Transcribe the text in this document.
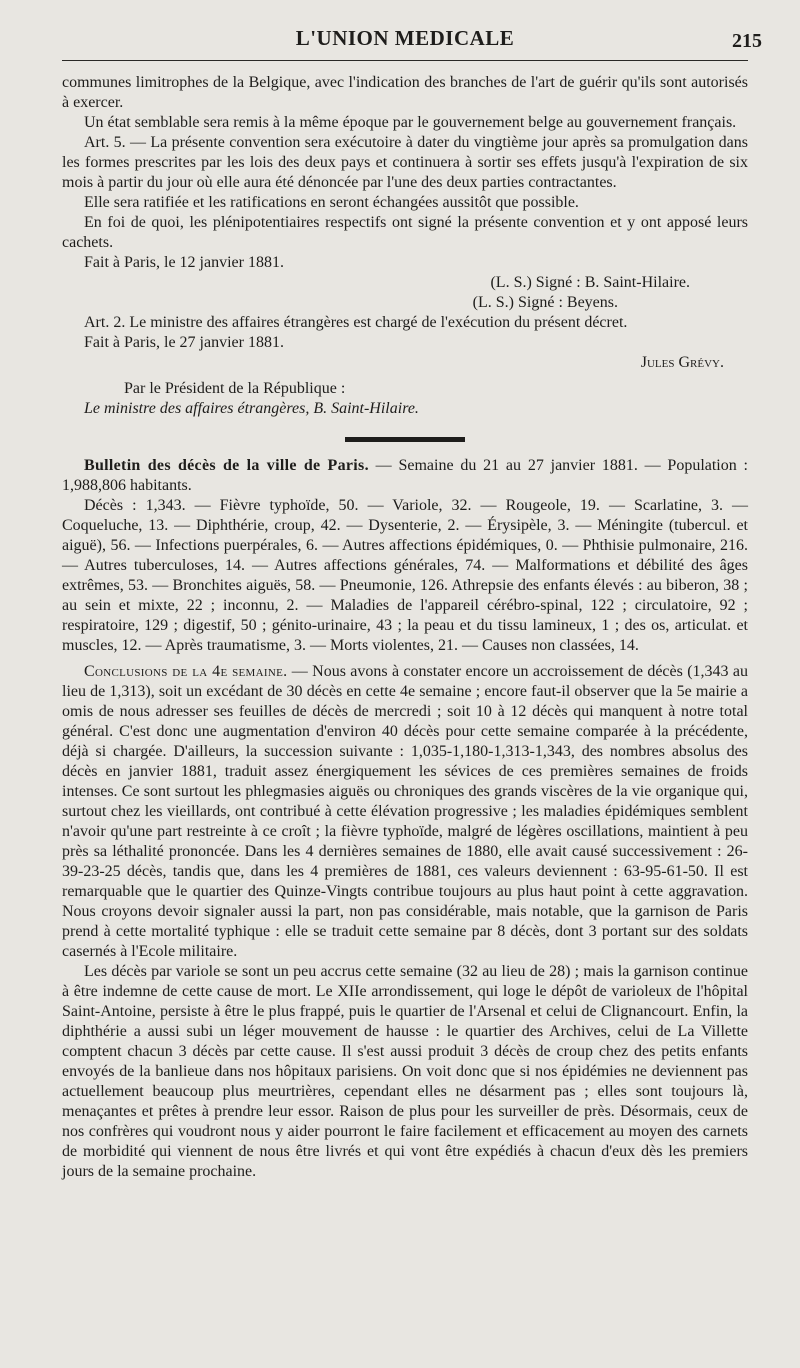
L'UNION MEDICALE	215

communes limitrophes de la Belgique, avec l'indication des branches de l'art de guérir qu'ils sont autorisés à exercer.

Un état semblable sera remis à la même époque par le gouvernement belge au gouvernement français.

Art. 5. — La présente convention sera exécutoire à dater du vingtième jour après sa promulgation dans les formes prescrites par les lois des deux pays et continuera à sortir ses effets jusqu'à l'expiration de six mois à partir du jour où elle aura été dénoncée par l'une des deux parties contractantes.

Elle sera ratifiée et les ratifications en seront échangées aussitôt que possible.

En foi de quoi, les plénipotentiaires respectifs ont signé la présente convention et y ont apposé leurs cachets.

Fait à Paris, le 12 janvier 1881.

(L. S.) Signé : B. Saint-Hilaire.
(L. S.) Signé : Beyens.

Art. 2. Le ministre des affaires étrangères est chargé de l'exécution du présent décret.

Fait à Paris, le 27 janvier 1881.

Jules Grévy.

Par le Président de la République :

Le ministre des affaires étrangères, B. Saint-Hilaire.

Bulletin des décès de la ville de Paris. — Semaine du 21 au 27 janvier 1881. — Population : 1,988,806 habitants.

Décès : 1,343. — Fièvre typhoïde, 50. — Variole, 32. — Rougeole, 19. — Scarlatine, 3. — Coqueluche, 13. — Diphthérie, croup, 42. — Dysenterie, 2. — Érysipèle, 3. — Méningite (tubercul. et aiguë), 56. — Infections puerpérales, 6. — Autres affections épidémiques, 0. — Phthisie pulmonaire, 216. — Autres tuberculoses, 14. — Autres affections générales, 74. — Malformations et débilité des âges extrêmes, 53. — Bronchites aiguës, 58. — Pneumonie, 126. Athrepsie des enfants élevés : au biberon, 38 ; au sein et mixte, 22 ; inconnu, 2. — Maladies de l'appareil cérébro-spinal, 122 ; circulatoire, 92 ; respiratoire, 129 ; digestif, 50 ; génito-urinaire, 43 ; la peau et du tissu lamineux, 1 ; des os, articulat. et muscles, 12. — Après traumatisme, 3. — Morts violentes, 21. — Causes non classées, 14.

Conclusions de la 4e semaine. — Nous avons à constater encore un accroissement de décès (1,343 au lieu de 1,313), soit un excédant de 30 décès en cette 4e semaine ; encore faut-il observer que la 5e mairie a omis de nous adresser ses feuilles de décès de mercredi ; soit 10 à 12 décès qui manquent à notre total général. C'est donc une augmentation d'environ 40 décès pour cette semaine comparée à la précédente, déjà si chargée. D'ailleurs, la succession suivante : 1,035-1,180-1,313-1,343, des nombres absolus des décès en janvier 1881, traduit assez énergiquement les sévices de ces premières semaines de froids intenses. Ce sont surtout les phlegmasies aiguës ou chroniques des grands viscères de la vie organique qui, surtout chez les vieillards, ont contribué à cette élévation progressive ; les maladies épidémiques semblent n'avoir qu'une part restreinte à ce croît ; la fièvre typhoïde, malgré de légères oscillations, maintient à peu près sa léthalité prononcée. Dans les 4 dernières semaines de 1880, elle avait causé successivement : 26-39-23-25 décès, tandis que, dans les 4 premières de 1881, ces valeurs deviennent : 63-95-61-50. Il est remarquable que le quartier des Quinze-Vingts contribue toujours au plus haut point à cette aggravation. Nous croyons devoir signaler aussi la part, non pas considérable, mais notable, que la garnison de Paris prend à cette mortalité typhique : elle se traduit cette semaine par 8 décès, dont 3 portant sur des soldats casernés à l'Ecole militaire.

Les décès par variole se sont un peu accrus cette semaine (32 au lieu de 28) ; mais la garnison continue à être indemne de cette cause de mort. Le XIIe arrondissement, qui loge le dépôt de varioleux de l'hôpital Saint-Antoine, persiste à être le plus frappé, puis le quartier de l'Arsenal et celui de Clignancourt. Enfin, la diphthérie a aussi subi un léger mouvement de hausse : le quartier des Archives, celui de La Villette comptent chacun 3 décès par cette cause. Il s'est aussi produit 3 décès de croup chez des petits enfants envoyés de la banlieue dans nos hôpitaux parisiens. On voit donc que si nos épidémies ne deviennent pas actuellement beaucoup plus meurtrières, cependant elles ne désarment pas ; elles sont toujours là, menaçantes et prêtes à prendre leur essor. Raison de plus pour les surveiller de près. Désormais, ceux de nos confrères qui voudront nous y aider pourront le faire facilement et efficacement au moyen des carnets de morbidité qui viennent de nous être livrés et qui vont être expédiés à chacun d'eux dès les premiers jours de la semaine prochaine.
